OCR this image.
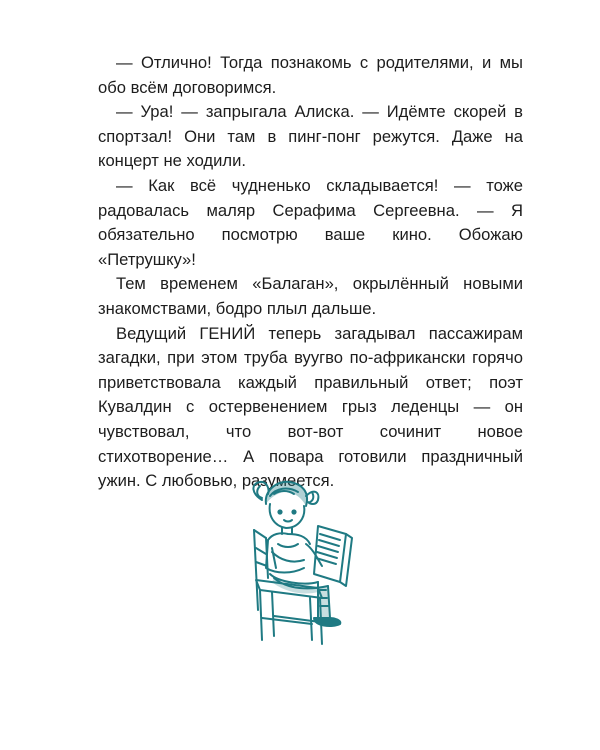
— Отлично! Тогда познакомь с родителями, и мы обо всём договоримся.

— Ура! — запрыгала Алиска. — Идёмте скорей в спортзал! Они там в пинг-понг режутся. Даже на концерт не ходили.

— Как всё чудненько складывается! — тоже радовалась маляр Серафима Сергеевна. — Я обязательно посмотрю ваше кино. Обожаю «Петрушку»!

Тем временем «Балаган», окрылённый новыми знакомствами, бодро плыл дальше.

Ведущий ГЕНИЙ теперь загадывал пассажирам загадки, при этом труба вуугво по-африкански горячо приветствовала каждый правильный ответ; поэт Кувалдин с остервенением грыз леденцы — он чувствовал, что вот-вот сочинит новое стихотворение… А повара готовили праздничный ужин. С любовью, разумеется.
